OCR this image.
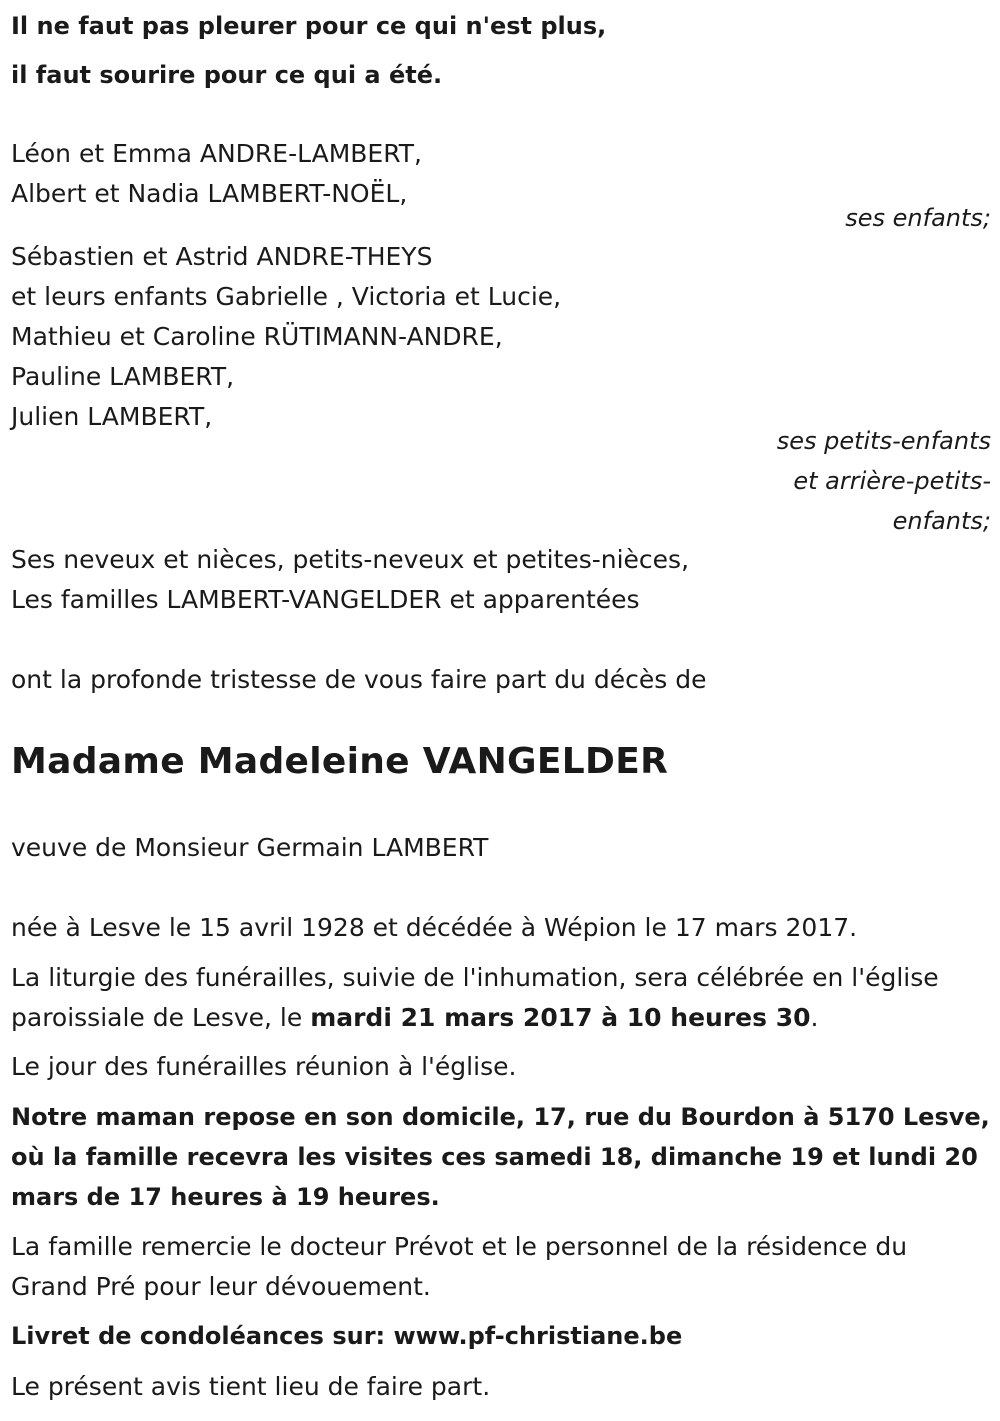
Il ne faut pas pleurer pour ce qui n'est plus,
il faut sourire pour ce qui a été.
Léon et Emma ANDRE-LAMBERT,
Albert et Nadia LAMBERT-NOËL,
ses enfants;
Sébastien et Astrid ANDRE-THEYS
et leurs enfants Gabrielle , Victoria et Lucie,
Mathieu et Caroline RÜTIMANN-ANDRE,
Pauline LAMBERT,
Julien LAMBERT,
ses petits-enfants
et arrière-petits-
enfants;
Ses neveux et nièces, petits-neveux et petites-nièces,
Les familles LAMBERT-VANGELDER et apparentées
ont la profonde tristesse de vous faire part du décès de
Madame Madeleine VANGELDER
veuve de Monsieur Germain LAMBERT
née à Lesve le 15 avril 1928 et décédée à Wépion le 17 mars 2017.
La liturgie des funérailles, suivie de l'inhumation, sera célébrée en l'église
paroissiale de Lesve, le mardi 21 mars 2017 à 10 heures 30.
Le jour des funérailles réunion à l'église.
Notre maman repose en son domicile, 17, rue du Bourdon à 5170 Lesve,
où la famille recevra les visites ces samedi 18, dimanche 19 et lundi 20
mars de 17 heures à 19 heures.
La famille remercie le docteur Prévot et le personnel de la résidence du
Grand Pré pour leur dévouement.
Livret de condoléances sur: www.pf-christiane.be
Le présent avis tient lieu de faire part.
